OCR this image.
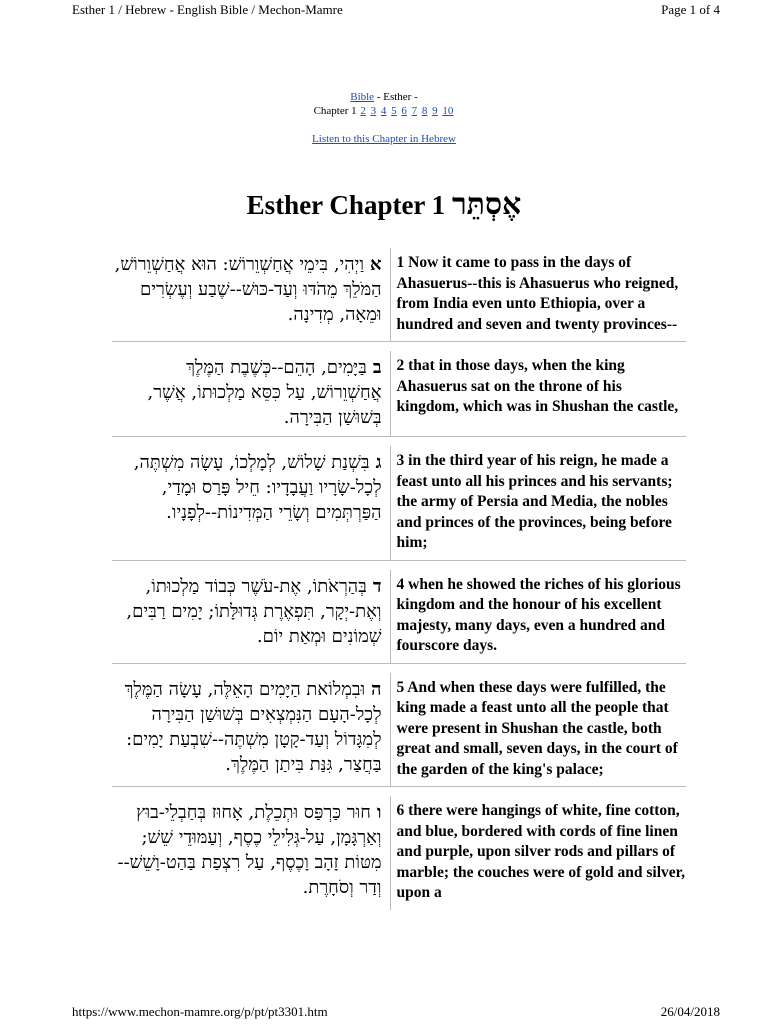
Esther 1 / Hebrew - English Bible / Mechon-Mamre	Page 1 of 4
Bible - Esther -
Chapter 1 2 3 4 5 6 7 8 9 10
Listen to this Chapter in Hebrew
Esther Chapter 1 אֶסְתֵּר
אוַיְהִי, בִּימֵי אֲחַשְׁוֵרוֹשׁ: הוּא אֲחַשְׁוֵרוֹשׁ, הַמֹּלֵךְ מֵהֹדּוּ וְעַד-כּוּשׁ--שֶׁבַע וְעֶשְׂרִים וּמֵאָה, מְדִינָה.
1 Now it came to pass in the days of Ahasuerus--this is Ahasuerus who reigned, from India even unto Ethiopia, over a hundred and seven and twenty provinces--
בבַּיָּמִים, הָהֵם--כְּשֶׁבֶת הַמֶּלֶךְ אֲחַשְׁוֵרוֹשׁ, עַל כִּסֵּא מַלְכוּתוֹ, אֲשֶׁר, בְּשׁוּשַׁן הַבִּירָה.
2 that in those days, when the king Ahasuerus sat on the throne of his kingdom, which was in Shushan the castle,
גבִּשְׁנַת שָׁלוֹשׁ, לְמָלְכוֹ, עָשָׂה מִשְׁתֶּה, לְכָל-שָׂרָיו וַעֲבָדָיו: חֵיל פָּרַס וּמָדַי, הַפַּרְתְּמִים וְשָׂרֵי הַמְּדִינוֹת--לְפָנָיו.
3 in the third year of his reign, he made a feast unto all his princes and his servants; the army of Persia and Media, the nobles and princes of the provinces, being before him;
דבְּהַרְאֹתוֹ, אֶת-עֹשֶׁר כְּבוֹד מַלְכוּתוֹ, וְאֶת-יְקָר, תִּפְאֶרֶת גְּדוּלָּתוֹ; יָמִים רַבִּים, שְׁמוֹנִים וּמְאַת יוֹם.
4 when he showed the riches of his glorious kingdom and the honour of his excellent majesty, many days, even a hundred and fourscore days.
הוּבִמְלוֹאת הַיָּמִים הָאֵלֶּה, עָשָׂה הַמֶּלֶךְ לְכָל-הָעָם הַנִּמְצְאִים בְּשׁוּשַׁן הַבִּירָה לְמִגָּדוֹל וְעַד-קָטָן מִשְׁתֶּה--שִׁבְעַת יָמִים: בַּחֲצַר, גִּנַּת בִּיתַן הַמֶּלֶךְ.
5 And when these days were fulfilled, the king made a feast unto all the people that were present in Shushan the castle, both great and small, seven days, in the court of the garden of the king's palace;
וחוּר כַּרְפַּס וּתְכֵלֶת, אָחוּז בְּחַבְלֵי-בוּץ וְאַרְגָּמָן, עַל-גְּלִילֵי כֶסֶף, וְעַמּוּדֵי שֵׁשׁ; מִטּוֹת זָהָב וָכֶסֶף, עַל רִצְפַת בַּהַט-וָשֵׁשׁ--וְדַר וְסֹחָרֶת.
6 there were hangings of white, fine cotton, and blue, bordered with cords of fine linen and purple, upon silver rods and pillars of marble; the couches were of gold and silver, upon a
https://www.mechon-mamre.org/p/pt/pt3301.htm	26/04/2018
